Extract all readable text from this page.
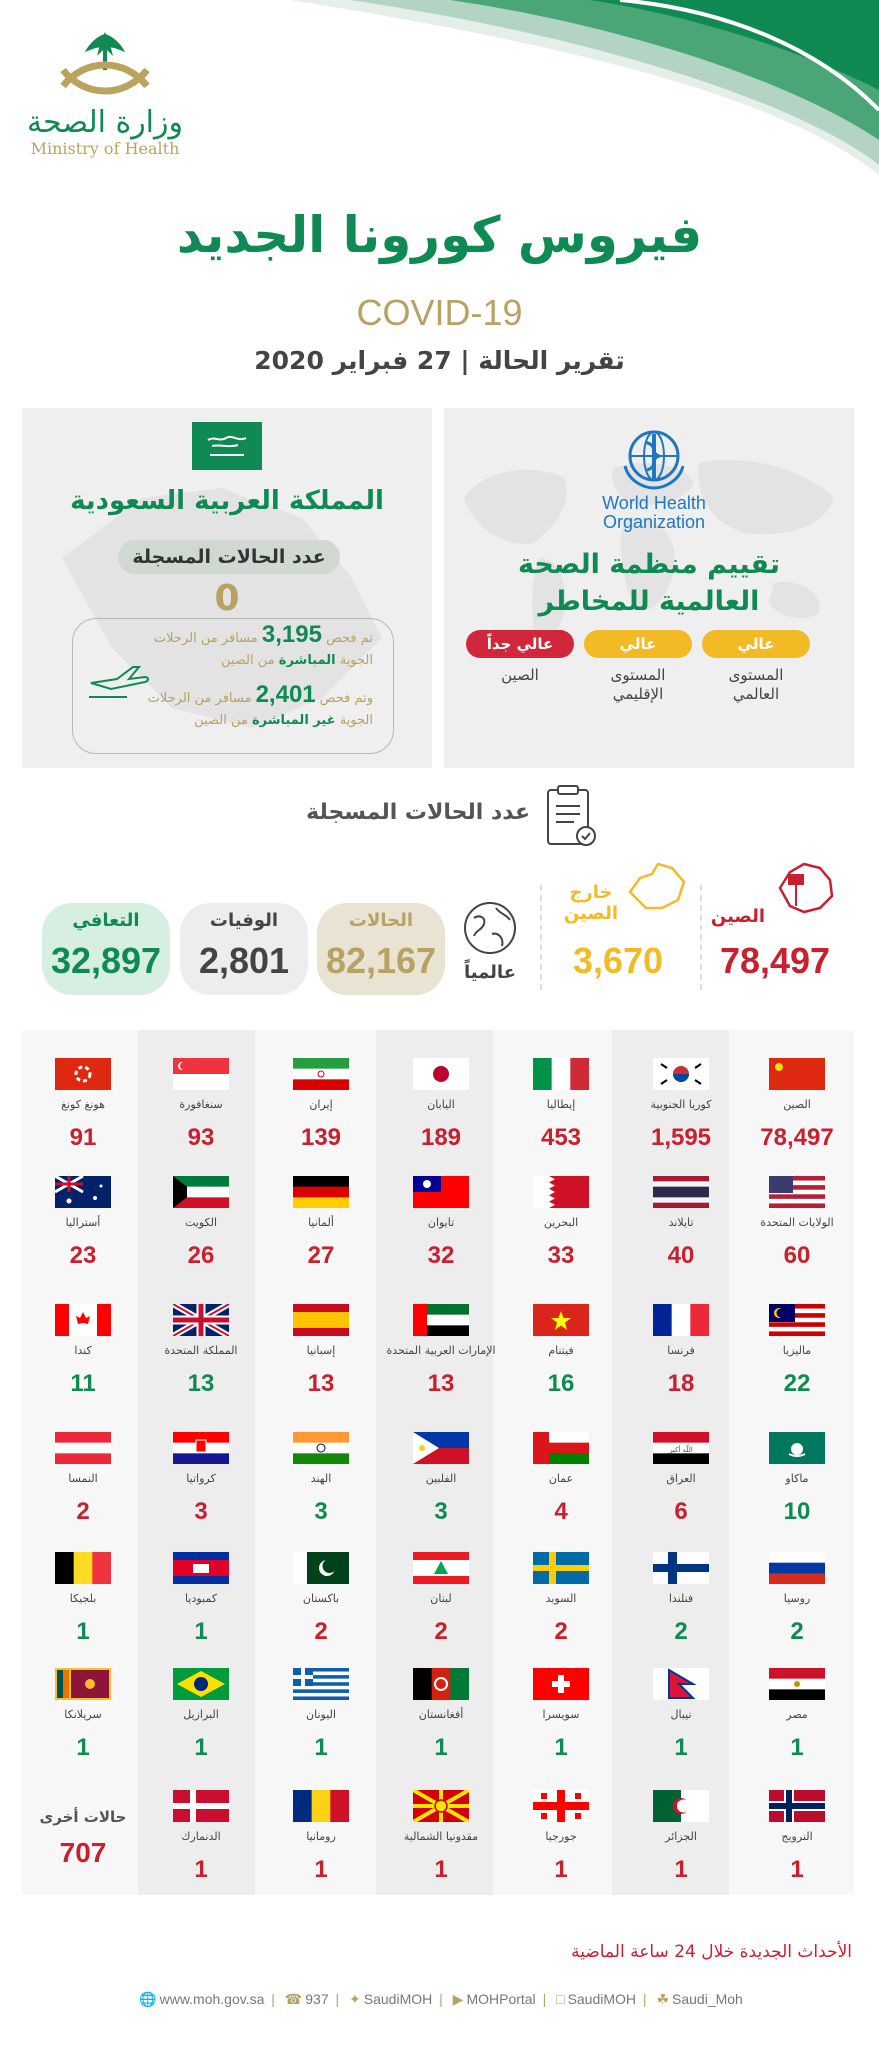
وزارة الصحة
Ministry of Health
فيروس كورونا الجديد
COVID-19
تقرير الحالة | 27 فبراير 2020
World Health
Organization
تقييم منظمة الصحة
العالمية للمخاطر
عالي
عالي
عالي جداً
المستوى
العالمي
المستوى
الإقليمي
الصين
المملكة العربية السعودية
عدد الحالات المسجلة
0
تم فحص 3,195 مسافر من الرحلات
الجوية المباشرة من الصين
وتم فحص 2,401 مسافر من الرحلات
الجوية غير المباشرة من الصين
عدد الحالات المسجلة
الصين
78,497
خارج
الصين
3,670
عالمياً
الحالات
82,167
الوفيات
2,801
التعافي
32,897
الصين
78,497
كوريا الجنوبية
1,595
إيطاليا
453
اليابان
189
إيران
139
سنغافورة
93
هونغ كونغ
91
الولايات المتحدة
60
تايلاند
40
البحرين
33
تايوان
32
ألمانيا
27
الكويت
26
أستراليا
23
ماليزيا
22
فرنسا
18
فيتنام
16
الإمارات العربية المتحدة
13
إسبانيا
13
المملكة المتحدة
13
كندا
11
ماكاو
10
اللّه أكبر
العراق
6
عمان
4
الفلبين
3
الهند
3
كرواتيا
3
النمسا
2
روسيا
2
فنلندا
2
السويد
2
لبنان
2
باكستان
2
كمبوديا
1
بلجيكا
1
مصر
1
نيبال
1
سويسرا
1
أفغانستان
1
اليونان
1
البرازيل
1
سريلانكا
1
النرويج
1
الجزائر
1
جورجيا
1
مقدونيا الشمالية
1
رومانيا
1
الدنمارك
1
حالات أخرى
707
الأحداث الجديدة خلال 24 ساعة الماضية
🌐 www.moh.gov.sa | ☎ 937 | ✦ SaudiMOH | ▶ MOHPortal | □ SaudiMOH | ☘ Saudi_Moh
